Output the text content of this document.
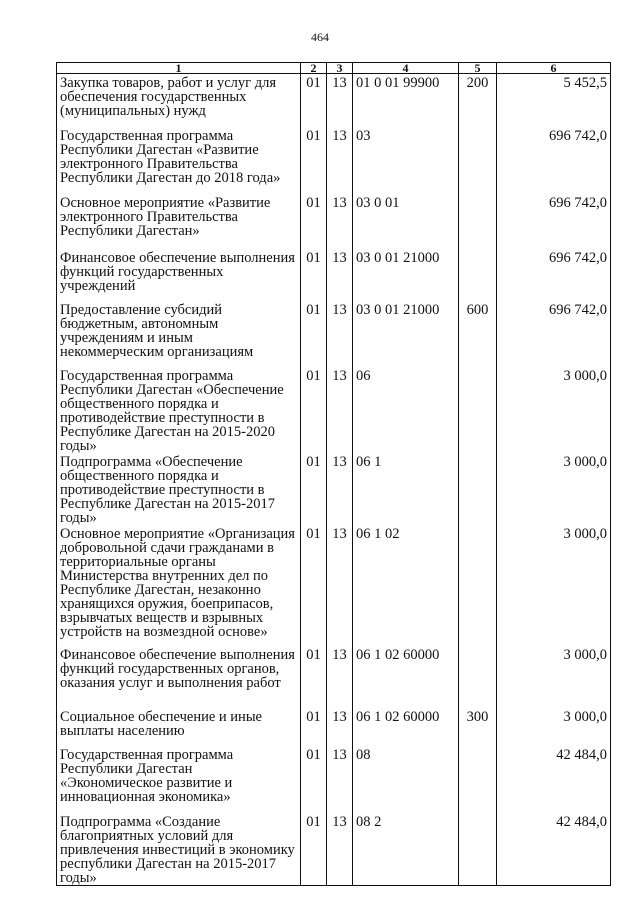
464
1	2	3	4	5	6
Закупка товаров, работ и услуг для обеспечения государственных (муниципальных) нужд	01	13	01 0 01 99900	200	5 452,5
Государственная программа Республики Дагестан «Развитие электронного Правительства Республики Дагестан до 2018 года»	01	13	03		696 742,0
Основное мероприятие «Развитие электронного Правительства Республики Дагестан»	01	13	03 0 01		696 742,0
Финансовое обеспечение выполнения функций государственных учреждений	01	13	03 0 01 21000		696 742,0
Предоставление субсидий бюджетным, автономным учреждениям и иным некоммерческим организациям	01	13	03 0 01 21000	600	696 742,0
Государственная программа Республики Дагестан «Обеспечение общественного порядка и противодействие преступности в Республике Дагестан на 2015-2020 годы»	01	13	06		3 000,0
Подпрограмма «Обеспечение общественного порядка и противодействие преступности в Республике Дагестан на 2015-2017 годы»	01	13	06 1		3 000,0
Основное мероприятие «Организация добровольной сдачи гражданами в территориальные органы Министерства внутренних дел по Республике Дагестан, незаконно хранящихся оружия, боеприпасов, взрывчатых веществ и взрывных устройств на возмездной основе»	01	13	06 1 02		3 000,0
Финансовое обеспечение выполнения функций государственных органов, оказания услуг и выполнения работ	01	13	06 1 02 60000		3 000,0
Социальное обеспечение и иные выплаты населению	01	13	06 1 02 60000	300	3 000,0
Государственная программа Республики Дагестан «Экономическое развитие и инновационная экономика»	01	13	08		42 484,0
Подпрограмма «Создание благоприятных условий для привлечения инвестиций в экономику республики Дагестан на 2015-2017 годы»	01	13	08 2		42 484,0
